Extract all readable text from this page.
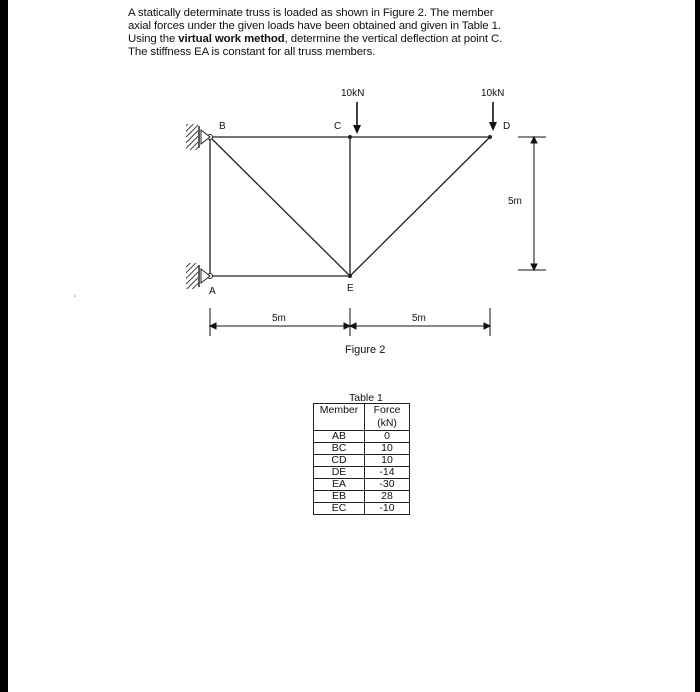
A statically determinate truss is loaded as shown in Figure 2. The member
axial forces under the given loads have been obtained and given in Table 1.
Using the virtual work method, determine the vertical deflection at point C.
The stiffness EA is constant for all truss members.
10kN	10kN
B	C	D
A	E
5m	5m
5m
Figure 2
Table 1
Member	Force
	(kN)
AB	0
BC	10
CD	10
DE	-14
EA	-30
EB	28
EC	-10
